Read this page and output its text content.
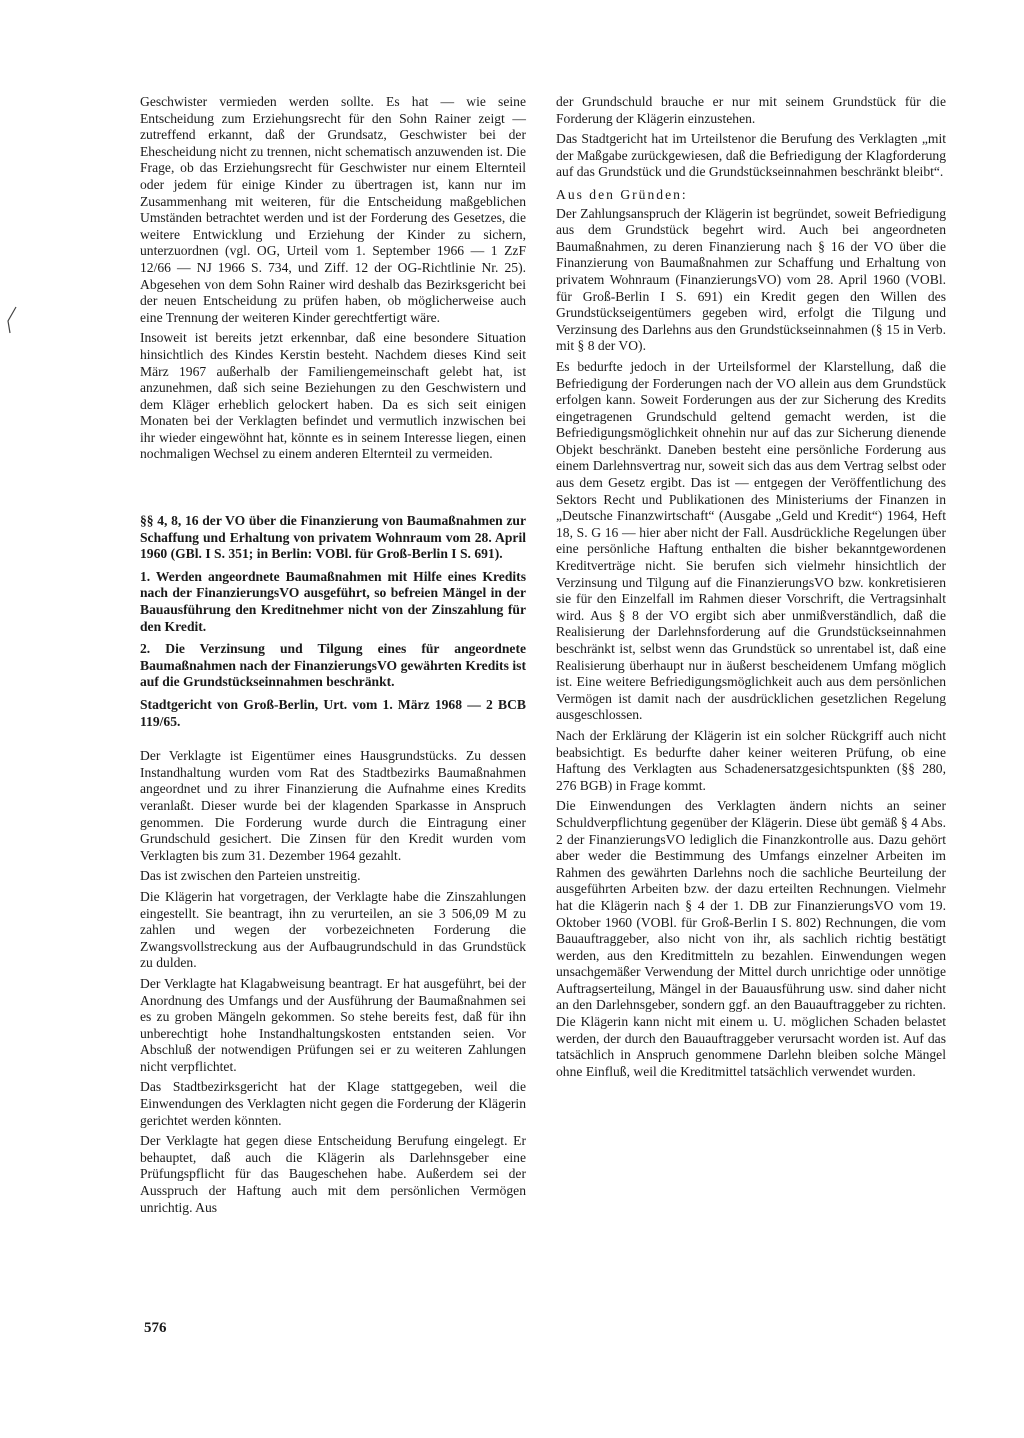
Geschwister vermieden werden sollte. Es hat — wie seine Entscheidung zum Erziehungsrecht für den Sohn Rainer zeigt — zutreffend erkannt, daß der Grundsatz, Geschwister bei der Ehescheidung nicht zu trennen, nicht schematisch anzuwenden ist. Die Frage, ob das Erziehungsrecht für Geschwister nur einem Elternteil oder jedem für einige Kinder zu übertragen ist, kann nur im Zusammenhang mit weiteren, für die Entscheidung maßgeblichen Umständen betrachtet werden und ist der Forderung des Gesetzes, die weitere Entwicklung und Erziehung der Kinder zu sichern, unterzuordnen (vgl. OG, Urteil vom 1. September 1966 — 1 ZzF 12/66 — NJ 1966 S. 734, und Ziff. 12 der OG-Richtlinie Nr. 25). Abgesehen von dem Sohn Rainer wird deshalb das Bezirksgericht bei der neuen Entscheidung zu prüfen haben, ob möglicherweise auch eine Trennung der weiteren Kinder gerechtfertigt wäre.

Insoweit ist bereits jetzt erkennbar, daß eine besondere Situation hinsichtlich des Kindes Kerstin besteht. Nachdem dieses Kind seit März 1967 außerhalb der Familiengemeinschaft gelebt hat, ist anzunehmen, daß sich seine Beziehungen zu den Geschwistern und dem Kläger erheblich gelockert haben. Da es sich seit einigen Monaten bei der Verklagten befindet und vermutlich inzwischen bei ihr wieder eingewöhnt hat, könnte es in seinem Interesse liegen, einen nochmaligen Wechsel zu einem anderen Elternteil zu vermeiden.

§§ 4, 8, 16 der VO über die Finanzierung von Baumaßnahmen zur Schaffung und Erhaltung von privatem Wohnraum vom 28. April 1960 (GBl. I S. 351; in Berlin: VOBl. für Groß-Berlin I S. 691).

1. Werden angeordnete Baumaßnahmen mit Hilfe eines Kredits nach der FinanzierungsVO ausgeführt, so befreien Mängel in der Bauausführung den Kreditnehmer nicht von der Zinszahlung für den Kredit.

2. Die Verzinsung und Tilgung eines für angeordnete Baumaßnahmen nach der FinanzierungsVO gewährten Kredits ist auf die Grundstückseinnahmen beschränkt.

Stadtgericht von Groß-Berlin, Urt. vom 1. März 1968 — 2 BCB 119/65.

Der Verklagte ist Eigentümer eines Hausgrundstücks. Zu dessen Instandhaltung wurden vom Rat des Stadtbezirks Baumaßnahmen angeordnet und zu ihrer Finanzierung die Aufnahme eines Kredits veranlaßt. Dieser wurde bei der klagenden Sparkasse in Anspruch genommen. Die Forderung wurde durch die Eintragung einer Grundschuld gesichert. Die Zinsen für den Kredit wurden vom Verklagten bis zum 31. Dezember 1964 gezahlt.

Das ist zwischen den Parteien unstreitig.

Die Klägerin hat vorgetragen, der Verklagte habe die Zinszahlungen eingestellt. Sie beantragt, ihn zu verurteilen, an sie 3 506,09 M zu zahlen und wegen der vorbezeichneten Forderung die Zwangsvollstreckung aus der Aufbaugrundschuld in das Grundstück zu dulden.

Der Verklagte hat Klagabweisung beantragt. Er hat ausgeführt, bei der Anordnung des Umfangs und der Ausführung der Baumaßnahmen sei es zu groben Mängeln gekommen. So stehe bereits fest, daß für ihn unberechtigt hohe Instandhaltungskosten entstanden seien. Vor Abschluß der notwendigen Prüfungen sei er zu weiteren Zahlungen nicht verpflichtet.

Das Stadtbezirksgericht hat der Klage stattgegeben, weil die Einwendungen des Verklagten nicht gegen die Forderung der Klägerin gerichtet werden könnten.

Der Verklagte hat gegen diese Entscheidung Berufung eingelegt. Er behauptet, daß auch die Klägerin als Darlehnsgeber eine Prüfungspflicht für das Baugeschehen habe. Außerdem sei der Ausspruch der Haftung auch mit dem persönlichen Vermögen unrichtig. Aus

der Grundschuld brauche er nur mit seinem Grundstück für die Forderung der Klägerin einzustehen.

Das Stadtgericht hat im Urteilstenor die Berufung des Verklagten „mit der Maßgabe zurückgewiesen, daß die Befriedigung der Klagforderung auf das Grundstück und die Grundstückseinnahmen beschränkt bleibt“.

Aus den Gründen:

Der Zahlungsanspruch der Klägerin ist begründet, soweit Befriedigung aus dem Grundstück begehrt wird. Auch bei angeordneten Baumaßnahmen, zu deren Finanzierung nach § 16 der VO über die Finanzierung von Baumaßnahmen zur Schaffung und Erhaltung von privatem Wohnraum (FinanzierungsVO) vom 28. April 1960 (VOBl. für Groß-Berlin I S. 691) ein Kredit gegen den Willen des Grundstückseigentümers gegeben wird, erfolgt die Tilgung und Verzinsung des Darlehns aus den Grundstückseinnahmen (§ 15 in Verb. mit § 8 der VO).

Es bedurfte jedoch in der Urteilsformel der Klarstellung, daß die Befriedigung der Forderungen nach der VO allein aus dem Grundstück erfolgen kann. Soweit Forderungen aus der zur Sicherung des Kredits eingetragenen Grundschuld geltend gemacht werden, ist die Befriedigungsmöglichkeit ohnehin nur auf das zur Sicherung dienende Objekt beschränkt. Daneben besteht eine persönliche Forderung aus einem Darlehnsvertrag nur, soweit sich das aus dem Vertrag selbst oder aus dem Gesetz ergibt. Das ist — entgegen der Veröffentlichung des Sektors Recht und Publikationen des Ministeriums der Finanzen in „Deutsche Finanzwirtschaft“ (Ausgabe „Geld und Kredit“) 1964, Heft 18, S. G 16 — hier aber nicht der Fall. Ausdrückliche Regelungen über eine persönliche Haftung enthalten die bisher bekanntgewordenen Kreditverträge nicht. Sie berufen sich vielmehr hinsichtlich der Verzinsung und Tilgung auf die FinanzierungsVO bzw. konkretisieren sie für den Einzelfall im Rahmen dieser Vorschrift, die Vertragsinhalt wird. Aus § 8 der VO ergibt sich aber unmißverständlich, daß die Realisierung der Darlehnsforderung auf die Grundstückseinnahmen beschränkt ist, selbst wenn das Grundstück so unrentabel ist, daß eine Realisierung überhaupt nur in äußerst bescheidenem Umfang möglich ist. Eine weitere Befriedigungsmöglichkeit auch aus dem persönlichen Vermögen ist damit nach der ausdrücklichen gesetzlichen Regelung ausgeschlossen.

Nach der Erklärung der Klägerin ist ein solcher Rückgriff auch nicht beabsichtigt. Es bedurfte daher keiner weiteren Prüfung, ob eine Haftung des Verklagten aus Schadenersatzgesichtspunkten (§§ 280, 276 BGB) in Frage kommt.

Die Einwendungen des Verklagten ändern nichts an seiner Schuldverpflichtung gegenüber der Klägerin. Diese übt gemäß § 4 Abs. 2 der FinanzierungsVO lediglich die Finanzkontrolle aus. Dazu gehört aber weder die Bestimmung des Umfangs einzelner Arbeiten im Rahmen des gewährten Darlehns noch die sachliche Beurteilung der ausgeführten Arbeiten bzw. der dazu erteilten Rechnungen. Vielmehr hat die Klägerin nach § 4 der 1. DB zur FinanzierungsVO vom 19. Oktober 1960 (VOBl. für Groß-Berlin I S. 802) Rechnungen, die vom Bauauftraggeber, also nicht von ihr, als sachlich richtig bestätigt werden, aus den Kreditmitteln zu bezahlen. Einwendungen wegen unsachgemäßer Verwendung der Mittel durch unrichtige oder unnötige Auftragserteilung, Mängel in der Bauausführung usw. sind daher nicht an den Darlehnsgeber, sondern ggf. an den Bauauftraggeber zu richten. Die Klägerin kann nicht mit einem u. U. möglichen Schaden belastet werden, der durch den Bauauftraggeber verursacht worden ist. Auf das tatsächlich in Anspruch genommene Darlehn bleiben solche Mängel ohne Einfluß, weil die Kreditmittel tatsächlich verwendet wurden.

576
